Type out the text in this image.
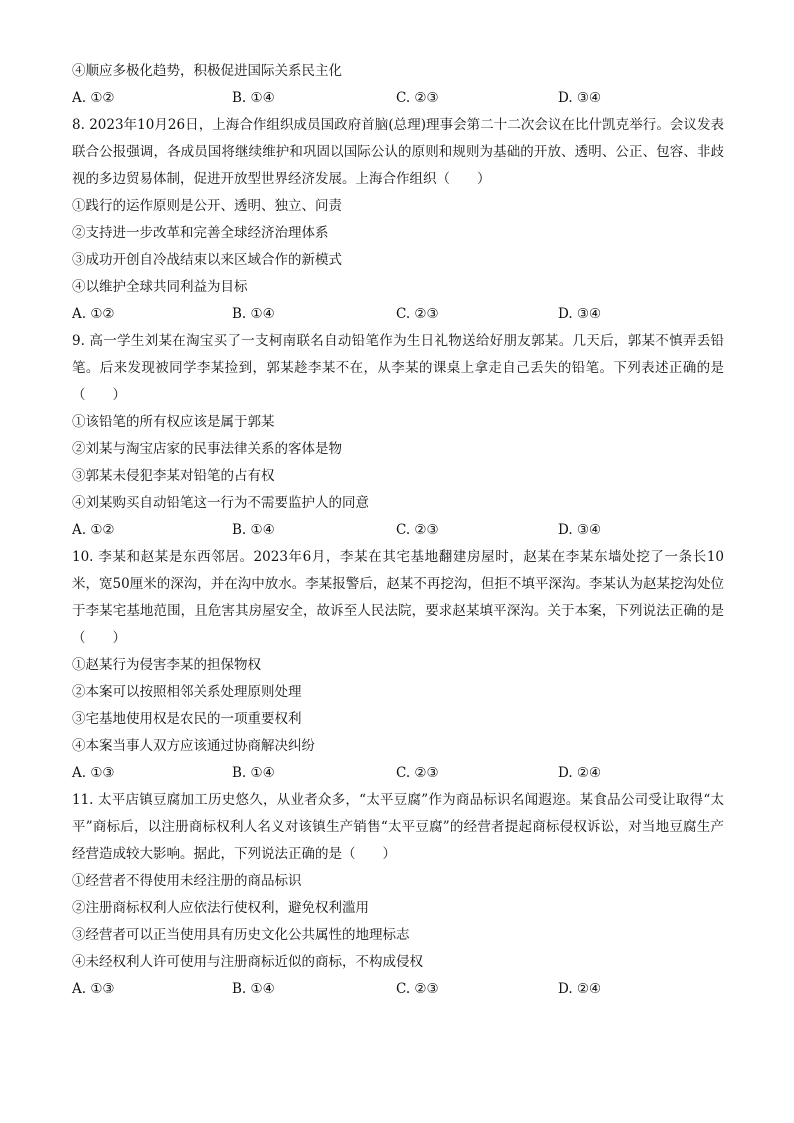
④顺应多极化趋势，积极促进国际关系民主化
A. ①②	B. ①④	C. ②③	D. ③④
8. 2023年10月26日，上海合作组织成员国政府首脑(总理)理事会第二十二次会议在比什凯克举行。会议发表联合公报强调，各成员国将继续维护和巩固以国际公认的原则和规则为基础的开放、透明、公正、包容、非歧视的多边贸易体制，促进开放型世界经济发展。上海合作组织（　　）
①践行的运作原则是公开、透明、独立、问责
②支持进一步改革和完善全球经济治理体系
③成功开创自冷战结束以来区域合作的新模式
④以维护全球共同利益为目标
A. ①②	B. ①④	C. ②③	D. ③④
9. 高一学生刘某在淘宝买了一支柯南联名自动铅笔作为生日礼物送给好朋友郭某。几天后，郭某不慎弄丢铅笔。后来发现被同学李某捡到，郭某趁李某不在，从李某的课桌上拿走自己丢失的铅笔。下列表述正确的是（　　）
①该铅笔的所有权应该是属于郭某
②刘某与淘宝店家的民事法律关系的客体是物
③郭某未侵犯李某对铅笔的占有权
④刘某购买自动铅笔这一行为不需要监护人的同意
A. ①②	B. ①④	C. ②③	D. ③④
10. 李某和赵某是东西邻居。2023年6月，李某在其宅基地翻建房屋时，赵某在李某东墙处挖了一条长10米，宽50厘米的深沟，并在沟中放水。李某报警后，赵某不再挖沟，但拒不填平深沟。李某认为赵某挖沟处位于李某宅基地范围，且危害其房屋安全，故诉至人民法院，要求赵某填平深沟。关于本案，下列说法正确的是（　　）
①赵某行为侵害李某的担保物权
②本案可以按照相邻关系处理原则处理
③宅基地使用权是农民的一项重要权利
④本案当事人双方应该通过协商解决纠纷
A. ①③	B. ①④	C. ②③	D. ②④
11. 太平店镇豆腐加工历史悠久，从业者众多，“太平豆腐”作为商品标识名闻遐迩。某食品公司受让取得“太平”商标后，以注册商标权利人名义对该镇生产销售“太平豆腐”的经营者提起商标侵权诉讼，对当地豆腐生产经营造成较大影响。据此，下列说法正确的是（　　）
①经营者不得使用未经注册的商品标识
②注册商标权利人应依法行使权利，避免权利滥用
③经营者可以正当使用具有历史文化公共属性的地理标志
④未经权利人许可使用与注册商标近似的商标，不构成侵权
A. ①③	B. ①④	C. ②③	D. ②④
